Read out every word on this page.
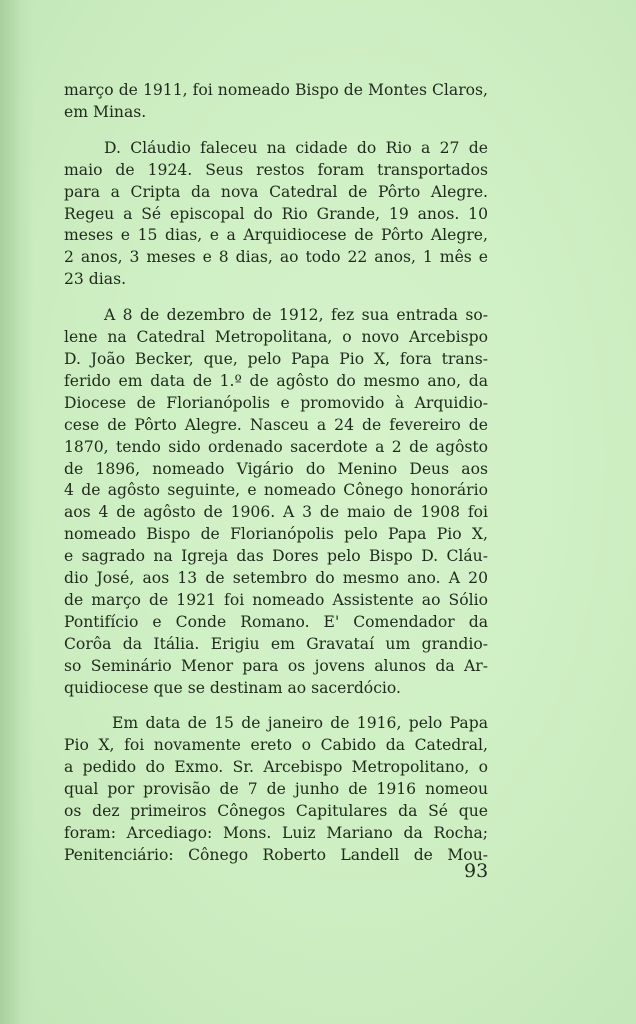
março de 1911, foi nomeado Bispo de Montes Claros,
em Minas.

D. Cláudio faleceu na cidade do Rio a 27 de
maio de 1924. Seus restos foram transportados
para a Cripta da nova Catedral de Pôrto Alegre.
Regeu a Sé episcopal do Rio Grande, 19 anos. 10
meses e 15 dias, e a Arquidiocese de Pôrto Alegre,
2 anos, 3 meses e 8 dias, ao todo 22 anos, 1 mês e
23 dias.

A 8 de dezembro de 1912, fez sua entrada so-
lene na Catedral Metropolitana, o novo Arcebispo
D. João Becker, que, pelo Papa Pio X, fora trans-
ferido em data de 1.º de agôsto do mesmo ano, da
Diocese de Florianópolis e promovido à Arquidio-
cese de Pôrto Alegre. Nasceu a 24 de fevereiro de
1870, tendo sido ordenado sacerdote a 2 de agôsto
de 1896, nomeado Vigário do Menino Deus aos
4 de agôsto seguinte, e nomeado Cônego honorário
aos 4 de agôsto de 1906. A 3 de maio de 1908 foi
nomeado Bispo de Florianópolis pelo Papa Pio X,
e sagrado na Igreja das Dores pelo Bispo D. Cláu-
dio José, aos 13 de setembro do mesmo ano. A 20
de março de 1921 foi nomeado Assistente ao Sólio
Pontifício e Conde Romano. E' Comendador da
Corôa da Itália. Erigiu em Gravataí um grandio-
so Seminário Menor para os jovens alunos da Ar-
quidiocese que se destinam ao sacerdócio.

Em data de 15 de janeiro de 1916, pelo Papa
Pio X, foi novamente ereto o Cabido da Catedral,
a pedido do Exmo. Sr. Arcebispo Metropolitano, o
qual por provisão de 7 de junho de 1916 nomeou
os dez primeiros Cônegos Capitulares da Sé que
foram: Arcediago: Mons. Luiz Mariano da Rocha;
Penitenciário: Cônego Roberto Landell de Mou-

93
